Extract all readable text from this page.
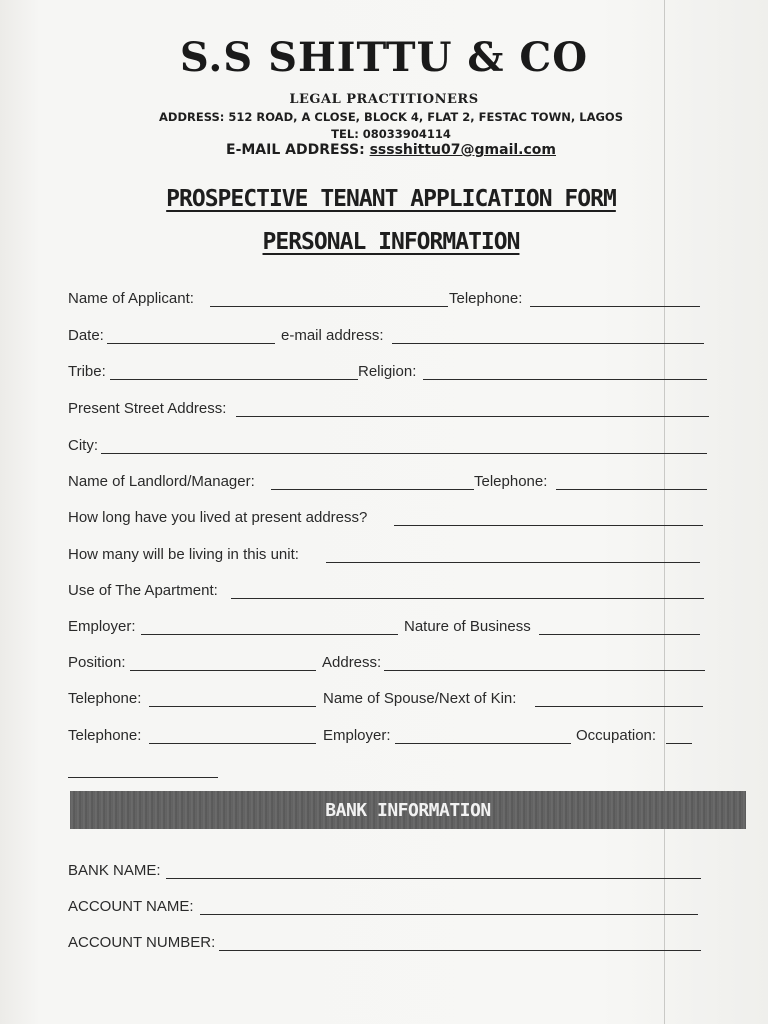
S.S SHITTU & CO
LEGAL PRACTITIONERS
ADDRESS: 512 ROAD, A CLOSE, BLOCK 4, FLAT 2, FESTAC TOWN, LAGOS
TEL: 08033904114
E-MAIL ADDRESS: sssshittu07@gmail.com
PROSPECTIVE TENANT APPLICATION FORM
PERSONAL INFORMATION
Name of Applicant:	Telephone:
Date:	e-mail address:
Tribe:	Religion:
Present Street Address:
City:
Name of Landlord/Manager:	Telephone:
How long have you lived at present address?
How many will be living in this unit:
Use of The Apartment:
Employer:	Nature of Business
Position:	Address:
Telephone:	Name of Spouse/Next of Kin:
Telephone:	Employer:	Occupation:
BANK INFORMATION
BANK NAME:
ACCOUNT NAME:
ACCOUNT NUMBER:
